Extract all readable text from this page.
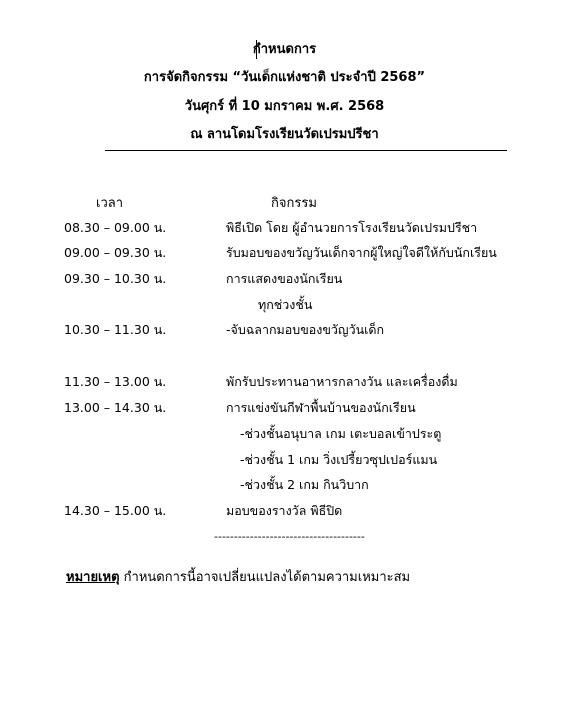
กำหนดการ
การจัดกิจกรรม “วันเด็กแห่งชาติ ประจำปี 2568”
วันศุกร์ ที่ 10 มกราคม พ.ศ. 2568
ณ ลานโดมโรงเรียนวัดเปรมปรีชา
เวลา	กิจกรรม
08.30 – 09.00 น.	พิธีเปิด โดย ผู้อำนวยการโรงเรียนวัดเปรมปรีชา
09.00 – 09.30 น.	รับมอบของขวัญวันเด็กจากผู้ใหญ่ใจดีให้กับนักเรียน
09.30 – 10.30 น.	การแสดงของนักเรียน
ทุกช่วงชั้น
10.30 – 11.30 น.	-จับฉลากมอบของขวัญวันเด็ก
11.30 – 13.00 น.	พักรับประทานอาหารกลางวัน และเครื่องดื่ม
13.00 – 14.30 น.	การแข่งขันกีฬาพื้นบ้านของนักเรียน
-ช่วงชั้นอนุบาล เกม เตะบอลเข้าประตู
-ช่วงชั้น 1 เกม วิ่งเปรี้ยวซุปเปอร์แมน
-ช่วงชั้น 2 เกม กินวิบาก
14.30 – 15.00 น.	มอบของรางวัล พิธีปิด
--------------------------------------
หมายเหตุ กำหนดการนี้อาจเปลี่ยนแปลงได้ตามความเหมาะสม
